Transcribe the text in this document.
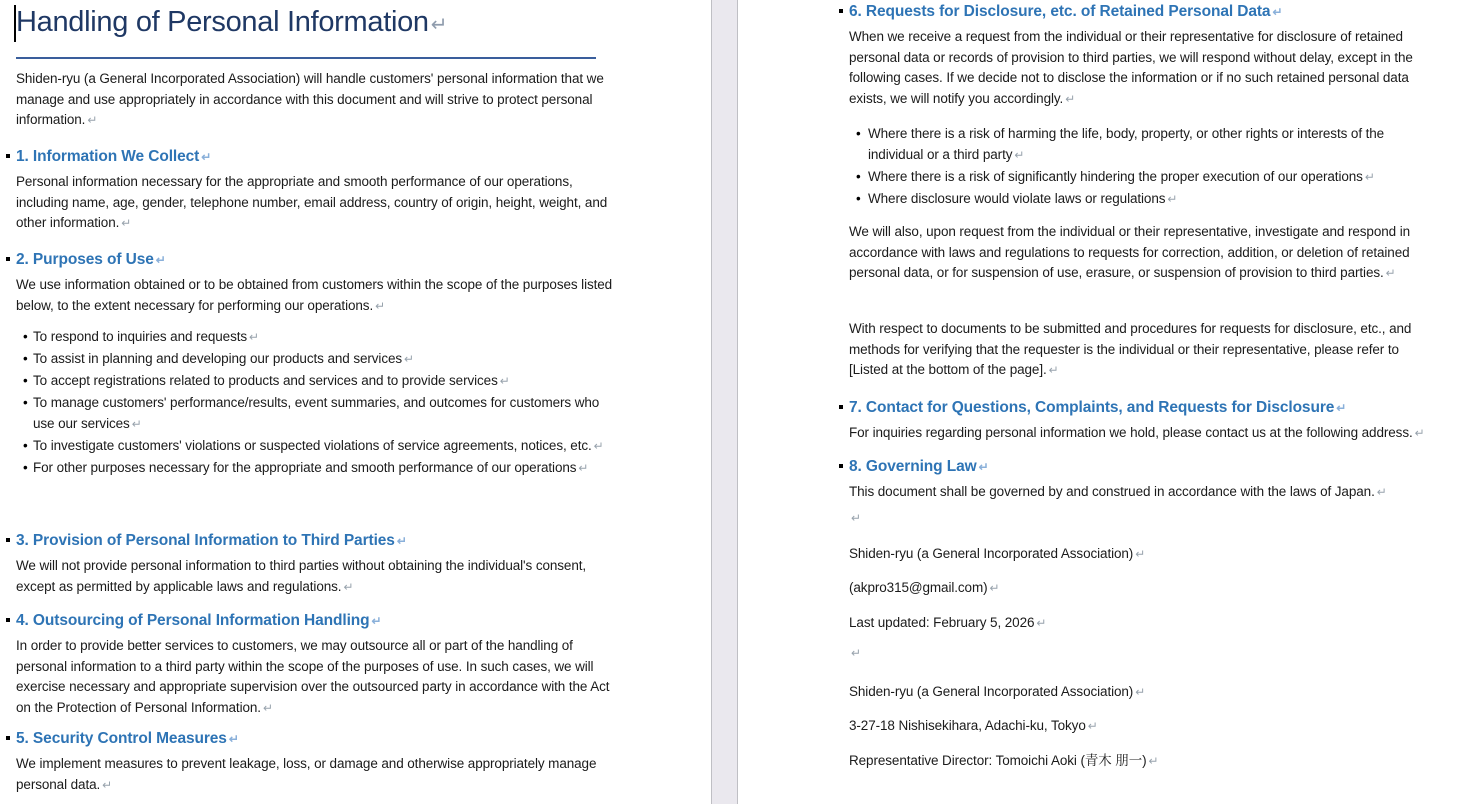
Handling of Personal Information ↵

Shiden-ryu (a General Incorporated Association) will handle customers' personal information that we manage and use appropriately in accordance with this document and will strive to protect personal information. ↵

1. Information We Collect ↵

Personal information necessary for the appropriate and smooth performance of our operations, including name, age, gender, telephone number, email address, country of origin, height, weight, and other information. ↵

2. Purposes of Use ↵

We use information obtained or to be obtained from customers within the scope of the purposes listed below, to the extent necessary for performing our operations. ↵

• To respond to inquiries and requests ↵
• To assist in planning and developing our products and services ↵
• To accept registrations related to products and services and to provide services ↵
• To manage customers' performance/results, event summaries, and outcomes for customers who use our services ↵
• To investigate customers' violations or suspected violations of service agreements, notices, etc. ↵
• For other purposes necessary for the appropriate and smooth performance of our operations ↵
3. Provision of Personal Information to Third Parties ↵

We will not provide personal information to third parties without obtaining the individual's consent, except as permitted by applicable laws and regulations. ↵

4. Outsourcing of Personal Information Handling ↵

In order to provide better services to customers, we may outsource all or part of the handling of personal information to a third party within the scope of the purposes of use. In such cases, we will exercise necessary and appropriate supervision over the outsourced party in accordance with the Act on the Protection of Personal Information. ↵

5. Security Control Measures ↵

We implement measures to prevent leakage, loss, or damage and otherwise appropriately manage personal data. ↵

6. Requests for Disclosure, etc. of Retained Personal Data ↵

When we receive a request from the individual or their representative for disclosure of retained personal data or records of provision to third parties, we will respond without delay, except in the following cases. If we decide not to disclose the information or if no such retained personal data exists, we will notify you accordingly. ↵

• Where there is a risk of harming the life, body, property, or other rights or interests of the individual or a third party ↵
• Where there is a risk of significantly hindering the proper execution of our operations ↵
• Where disclosure would violate laws or regulations ↵

We will also, upon request from the individual or their representative, investigate and respond in accordance with laws and regulations to requests for correction, addition, or deletion of retained personal data, or for suspension of use, erasure, or suspension of provision to third parties. ↵

With respect to documents to be submitted and procedures for requests for disclosure, etc., and methods for verifying that the requester is the individual or their representative, please refer to [Listed at the bottom of the page]. ↵

7. Contact for Questions, Complaints, and Requests for Disclosure ↵

For inquiries regarding personal information we hold, please contact us at the following address. ↵

8. Governing Law ↵

This document shall be governed by and construed in accordance with the laws of Japan. ↵

↵

Shiden-ryu (a General Incorporated Association) ↵

(akpro315@gmail.com) ↵

Last updated: February 5, 2026 ↵

↵

Shiden-ryu (a General Incorporated Association) ↵

3-27-18 Nishisekihara, Adachi-ku, Tokyo ↵

Representative Director: Tomoichi Aoki (青木 朋一) ↵
